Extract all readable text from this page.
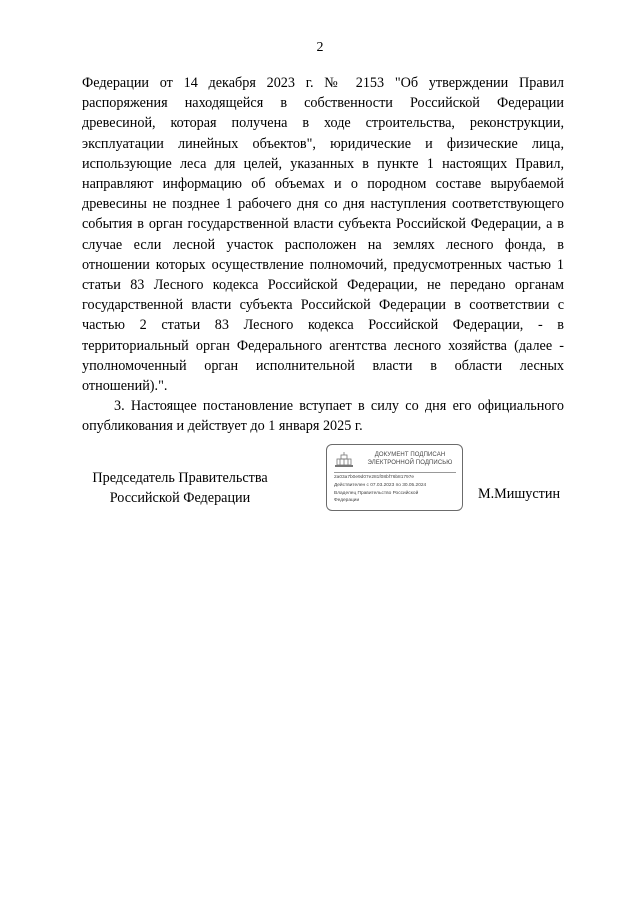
2

Федерации от 14 декабря 2023 г. № 2153 "Об утверждении Правил распоряжения находящейся в собственности Российской Федерации древесиной, которая получена в ходе строительства, реконструкции, эксплуатации линейных объектов", юридические и физические лица, использующие леса для целей, указанных в пункте 1 настоящих Правил, направляют информацию об объемах и о породном составе вырубаемой древесины не позднее 1 рабочего дня со дня наступления соответствующего события в орган государственной власти субъекта Российской Федерации, а в случае если лесной участок расположен на землях лесного фонда, в отношении которых осуществление полномочий, предусмотренных частью 1 статьи 83 Лесного кодекса Российской Федерации, не передано органам государственной власти субъекта Российской Федерации в соответствии с частью 2 статьи 83 Лесного кодекса Российской Федерации, - в территориальный орган Федерального агентства лесного хозяйства (далее - уполномоченный орган исполнительной власти в области лесных отношений).".

3. Настоящее постановление вступает в силу со дня его официального опубликования и действует до 1 января 2025 г.

Председатель Правительства
Российской Федерации
ДОКУМЕНТ ПОДПИСАН
ЭЛЕКТРОННОЙ ПОДПИСЬЮ
2a03a7b0e9d07e281f08bf76b81797e
Действителен с 07.03.2023 по 30.05.2024
Владелец Правительство Российской
Федерации	М.Мишустин
